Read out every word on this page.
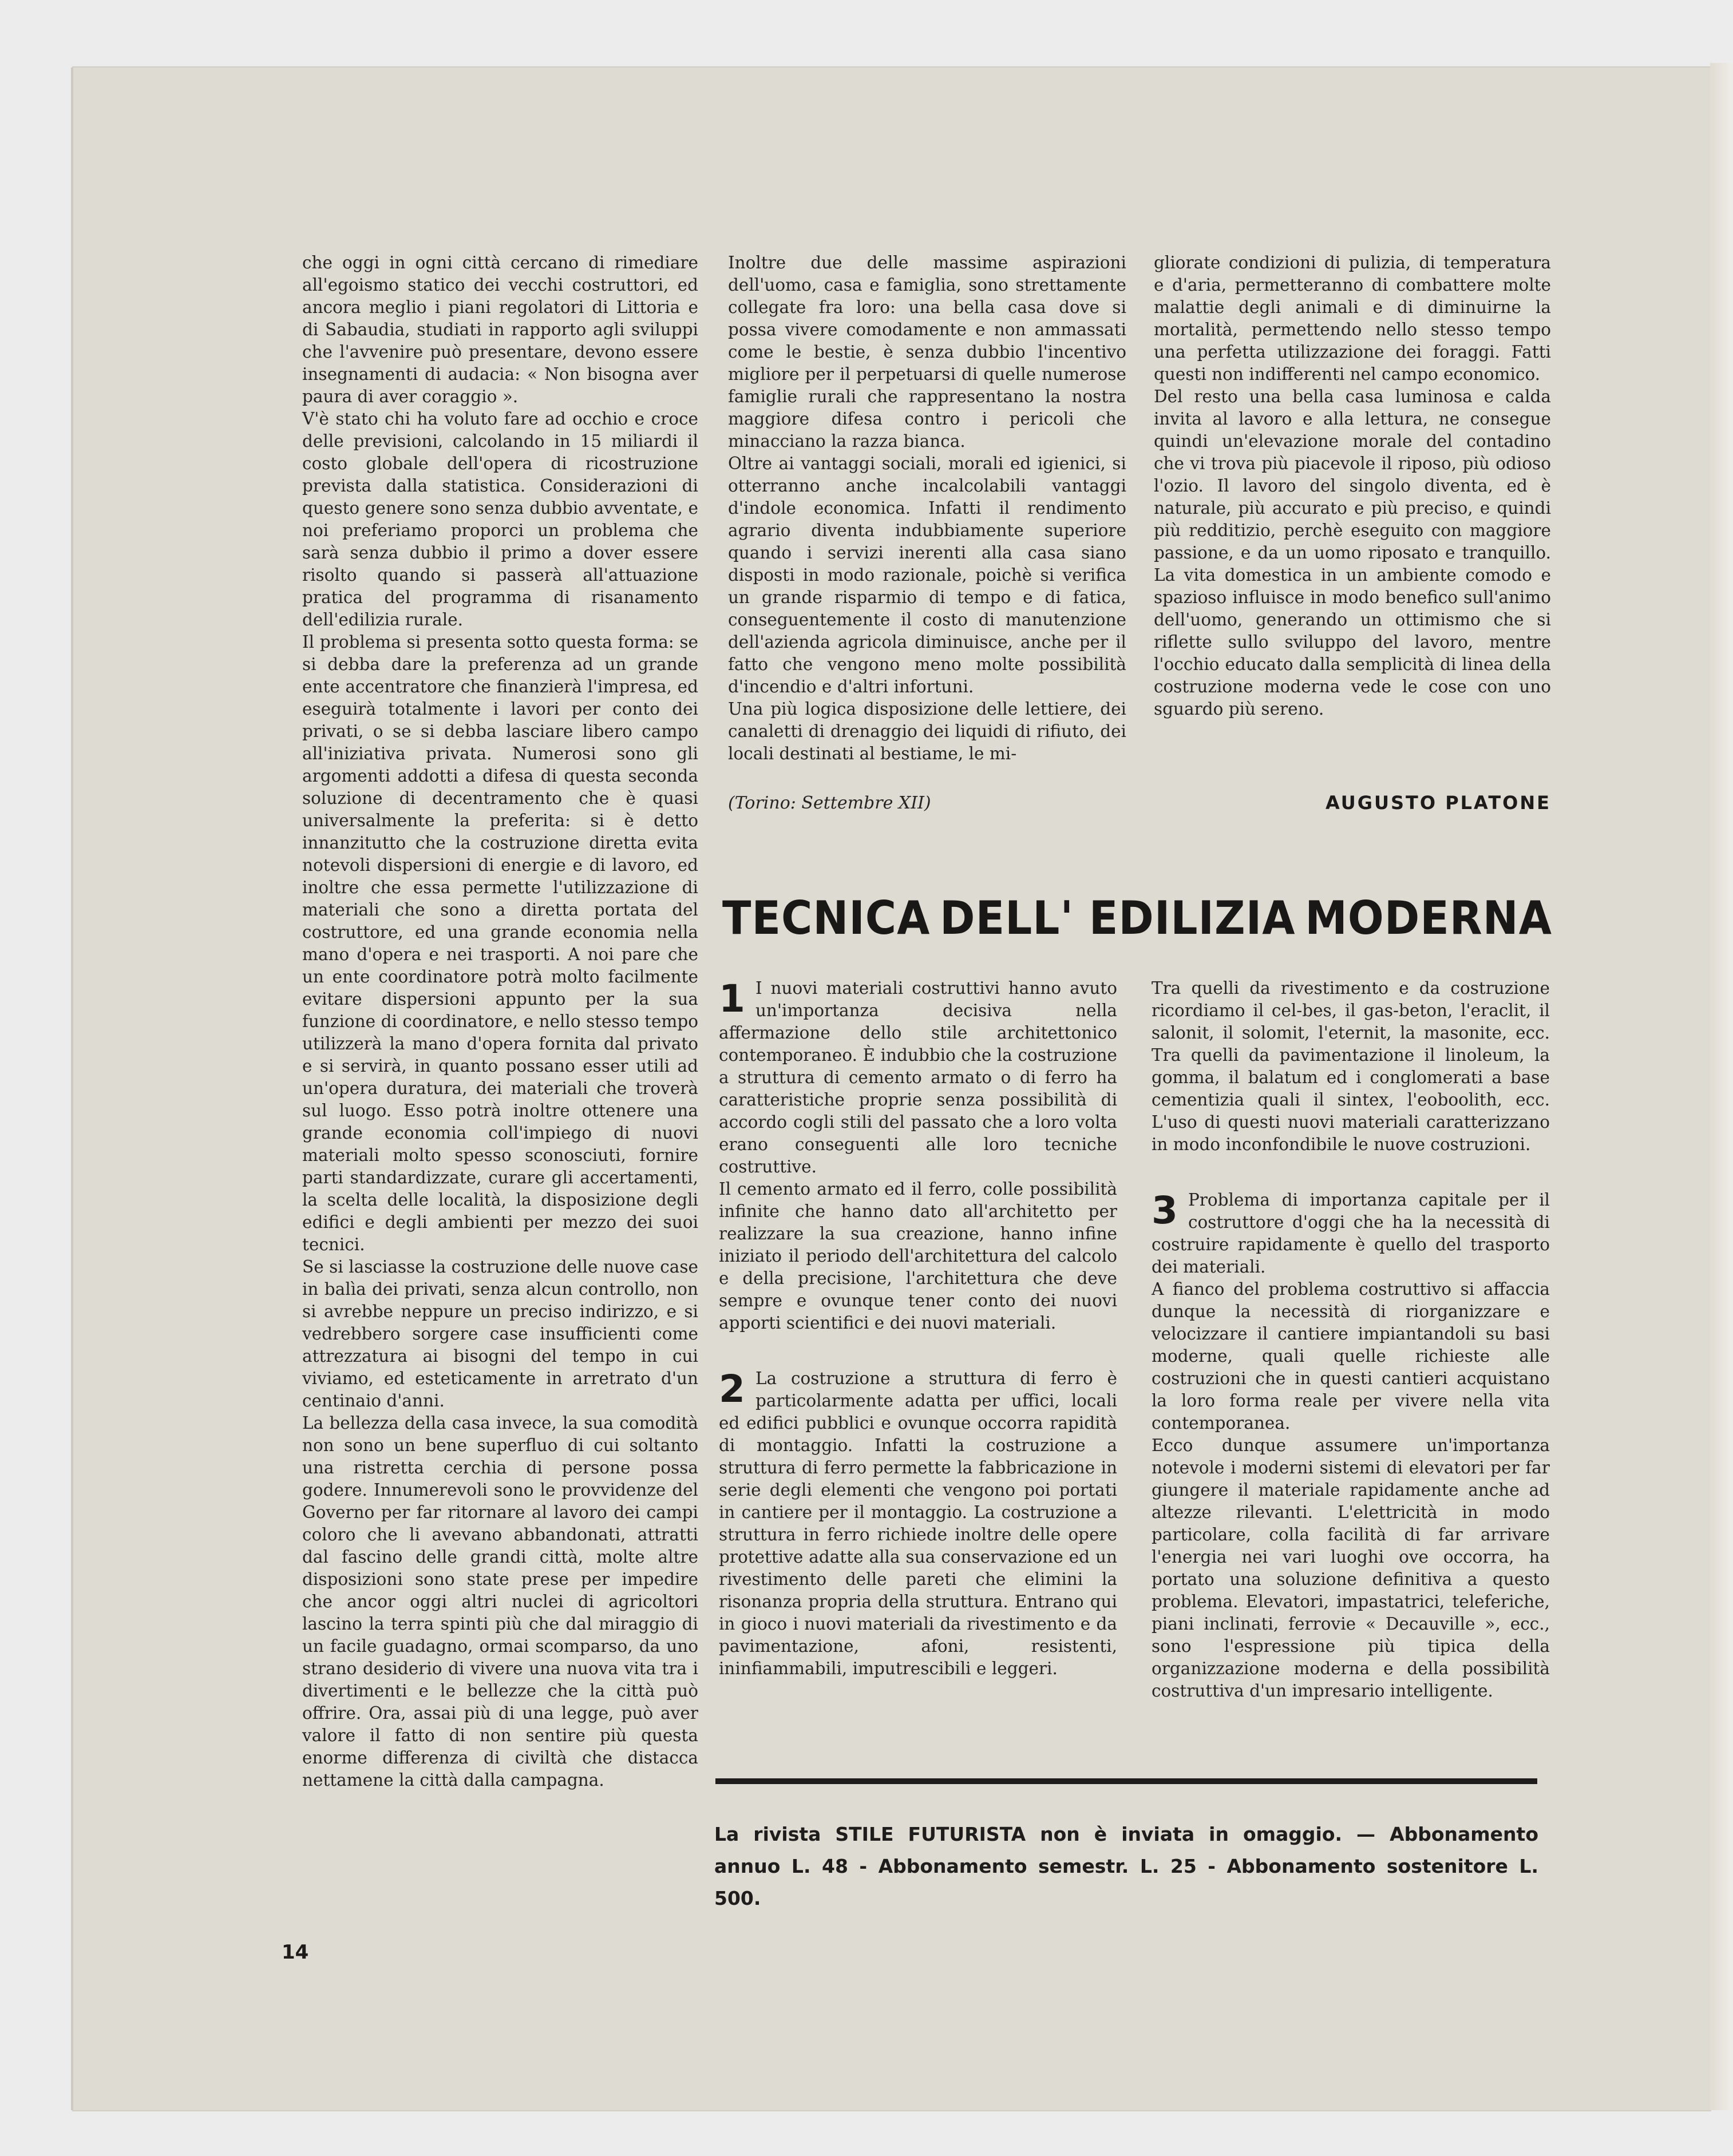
che oggi in ogni città cercano di rimediare all'egoismo statico dei vecchi costruttori, ed ancora meglio i piani regolatori di Littoria e di Sabaudia, studiati in rapporto agli sviluppi che l'avvenire può presentare, devono essere insegnamenti di audacia: « Non bisogna aver paura di aver coraggio ».

V'è stato chi ha voluto fare ad occhio e croce delle previsioni, calcolando in 15 miliardi il costo globale dell'opera di ricostruzione prevista dalla statistica. Considerazioni di questo genere sono senza dubbio avventate, e noi preferiamo proporci un problema che sarà senza dubbio il primo a dover essere risolto quando si passerà all'attuazione pratica del programma di risanamento dell'edilizia rurale.

Il problema si presenta sotto questa forma: se si debba dare la preferenza ad un grande ente accentratore che finanzierà l'impresa, ed eseguirà totalmente i lavori per conto dei privati, o se si debba lasciare libero campo all'iniziativa privata. Numerosi sono gli argomenti addotti a difesa di questa seconda soluzione di decentramento che è quasi universalmente la preferita: si è detto innanzitutto che la costruzione diretta evita notevoli dispersioni di energie e di lavoro, ed inoltre che essa permette l'utilizzazione di materiali che sono a diretta portata del costruttore, ed una grande economia nella mano d'opera e nei trasporti. A noi pare che un ente coordinatore potrà molto facilmente evitare dispersioni appunto per la sua funzione di coordinatore, e nello stesso tempo utilizzerà la mano d'opera fornita dal privato e si servirà, in quanto possano esser utili ad un'opera duratura, dei materiali che troverà sul luogo. Esso potrà inoltre ottenere una grande economia coll'impiego di nuovi materiali molto spesso sconosciuti, fornire parti standardizzate, curare gli accertamenti, la scelta delle località, la disposizione degli edifici e degli ambienti per mezzo dei suoi tecnici.

Se si lasciasse la costruzione delle nuove case in balìa dei privati, senza alcun controllo, non si avrebbe neppure un preciso indirizzo, e si vedrebbero sorgere case insufficienti come attrezzatura ai bisogni del tempo in cui viviamo, ed esteticamente in arretrato d'un centinaio d'anni.

La bellezza della casa invece, la sua comodità non sono un bene superfluo di cui soltanto una ristretta cerchia di persone possa godere. Innumerevoli sono le provvidenze del Governo per far ritornare al lavoro dei campi coloro che li avevano abbandonati, attratti dal fascino delle grandi città, molte altre disposizioni sono state prese per impedire che ancor oggi altri nuclei di agricoltori lascino la terra spinti più che dal miraggio di un facile guadagno, ormai scomparso, da uno strano desiderio di vivere una nuova vita tra i divertimenti e le bellezze che la città può offrire. Ora, assai più di una legge, può aver valore il fatto di non sentire più questa enorme differenza di civiltà che distacca nettamene la città dalla campagna.

Inoltre due delle massime aspirazioni dell'uomo, casa e famiglia, sono strettamente collegate fra loro: una bella casa dove si possa vivere comodamente e non ammassati come le bestie, è senza dubbio l'incentivo migliore per il perpetuarsi di quelle numerose famiglie rurali che rappresentano la nostra maggiore difesa contro i pericoli che minacciano la razza bianca.

Oltre ai vantaggi sociali, morali ed igienici, si otterranno anche incalcolabili vantaggi d'indole economica. Infatti il rendimento agrario diventa indubbiamente superiore quando i servizi inerenti alla casa siano disposti in modo razionale, poichè si verifica un grande risparmio di tempo e di fatica, conseguentemente il costo di manutenzione dell'azienda agricola diminuisce, anche per il fatto che vengono meno molte possibilità d'incendio e d'altri infortuni.

Una più logica disposizione delle lettiere, dei canaletti di drenaggio dei liquidi di rifiuto, dei locali destinati al bestiame, le mi-

(Torino: Settembre XII)

gliorate condizioni di pulizia, di temperatura e d'aria, permetteranno di combattere molte malattie degli animali e di diminuirne la mortalità, permettendo nello stesso tempo una perfetta utilizzazione dei foraggi. Fatti questi non indifferenti nel campo economico.

Del resto una bella casa luminosa e calda invita al lavoro e alla lettura, ne consegue quindi un'elevazione morale del contadino che vi trova più piacevole il riposo, più odioso l'ozio. Il lavoro del singolo diventa, ed è naturale, più accurato e più preciso, e quindi più redditizio, perchè eseguito con maggiore passione, e da un uomo riposato e tranquillo. La vita domestica in un ambiente comodo e spazioso influisce in modo benefico sull'animo dell'uomo, generando un ottimismo che si riflette sullo sviluppo del lavoro, mentre l'occhio educato dalla semplicità di linea della costruzione moderna vede le cose con uno sguardo più sereno.

AUGUSTO PLATONE
TECNICA DELL' EDILIZIA MODERNA
1 I nuovi materiali costruttivi hanno avuto un'importanza decisiva nella affermazione dello stile architettonico contemporaneo. È indubbio che la costruzione a struttura di cemento armato o di ferro ha caratteristiche proprie senza possibilità di accordo cogli stili del passato che a loro volta erano conseguenti alle loro tecniche costruttive.

Il cemento armato ed il ferro, colle possibilità infinite che hanno dato all'architetto per realizzare la sua creazione, hanno infine iniziato il periodo dell'architettura del calcolo e della precisione, l'architettura che deve sempre e ovunque tener conto dei nuovi apporti scientifici e dei nuovi materiali.

2 La costruzione a struttura di ferro è particolarmente adatta per uffici, locali ed edifici pubblici e ovunque occorra rapidità di montaggio. Infatti la costruzione a struttura di ferro permette la fabbricazione in serie degli elementi che vengono poi portati in cantiere per il montaggio. La costruzione a struttura in ferro richiede inoltre delle opere protettive adatte alla sua conservazione ed un rivestimento delle pareti che elimini la risonanza propria della struttura. Entrano qui in gioco i nuovi materiali da rivestimento e da pavimentazione, afoni, resistenti, ininfiammabili, imputrescibili e leggeri.

Tra quelli da rivestimento e da costruzione ricordiamo il cel-bes, il gas-beton, l'eraclit, il salonit, il solomit, l'eternit, la masonite, ecc. Tra quelli da pavimentazione il linoleum, la gomma, il balatum ed i conglomerati a base cementizia quali il sintex, l'eoboolith, ecc. L'uso di questi nuovi materiali caratterizzano in modo inconfondibile le nuove costruzioni.

3 Problema di importanza capitale per il costruttore d'oggi che ha la necessità di costruire rapidamente è quello del trasporto dei materiali.

A fianco del problema costruttivo si affaccia dunque la necessità di riorganizzare e velocizzare il cantiere impiantandoli su basi moderne, quali quelle richieste alle costruzioni che in questi cantieri acquistano la loro forma reale per vivere nella vita contemporanea.

Ecco dunque assumere un'importanza notevole i moderni sistemi di elevatori per far giungere il materiale rapidamente anche ad altezze rilevanti. L'elettricità in modo particolare, colla facilità di far arrivare l'energia nei vari luoghi ove occorra, ha portato una soluzione definitiva a questo problema. Elevatori, impastatrici, teleferiche, piani inclinati, ferrovie « Decauville », ecc., sono l'espressione più tipica della organizzazione moderna e della possibilità costruttiva d'un impresario intelligente.

La rivista STILE FUTURISTA non è inviata in omaggio. — Abbonamento
annuo L. 48 - Abbonamento semestr. L. 25 - Abbonamento sostenitore L. 500.
14
